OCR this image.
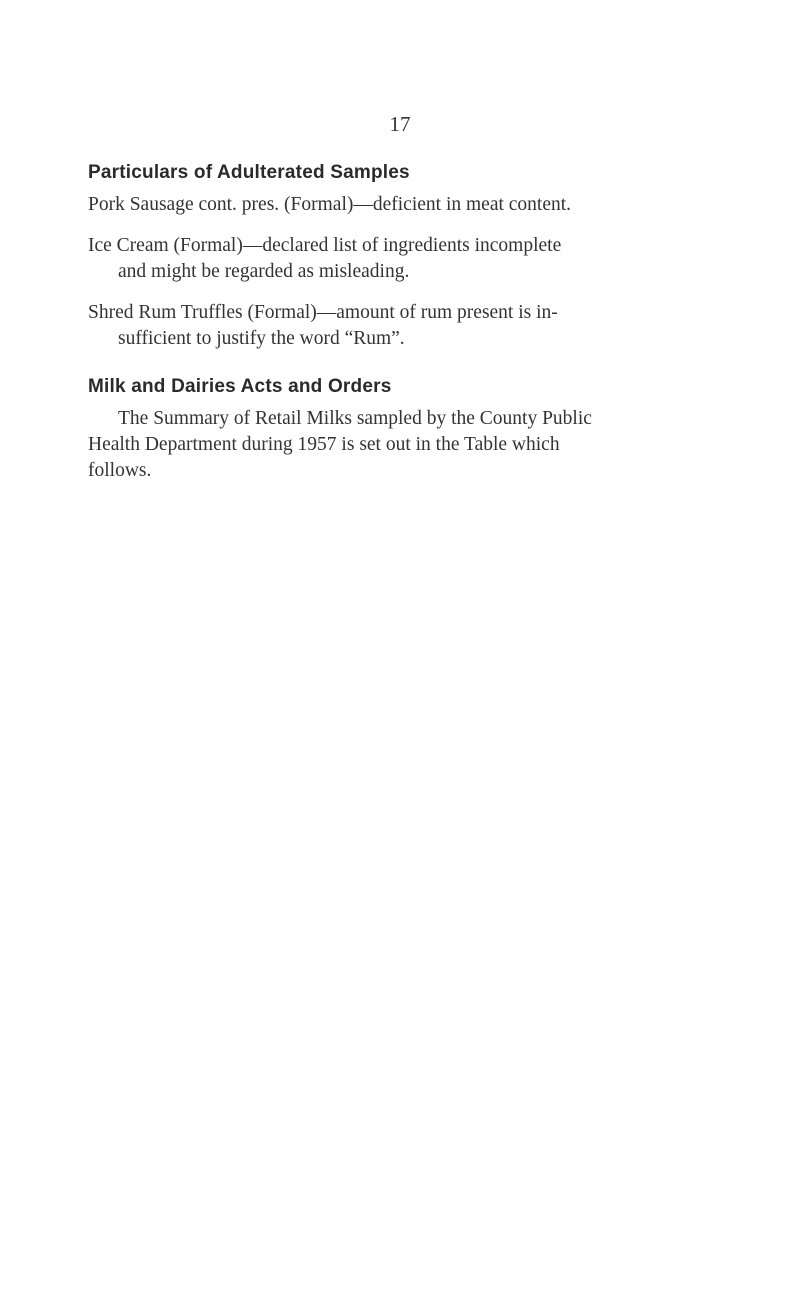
17
Particulars of Adulterated Samples
Pork Sausage cont. pres. (Formal)—deficient in meat content.
Ice Cream (Formal)—declared list of ingredients incomplete
and might be regarded as misleading.
Shred Rum Truffles (Formal)—amount of rum present is in-
sufficient to justify the word “Rum”.
Milk and Dairies Acts and Orders
The Summary of Retail Milks sampled by the County Public
Health Department during 1957 is set out in the Table which
follows.
